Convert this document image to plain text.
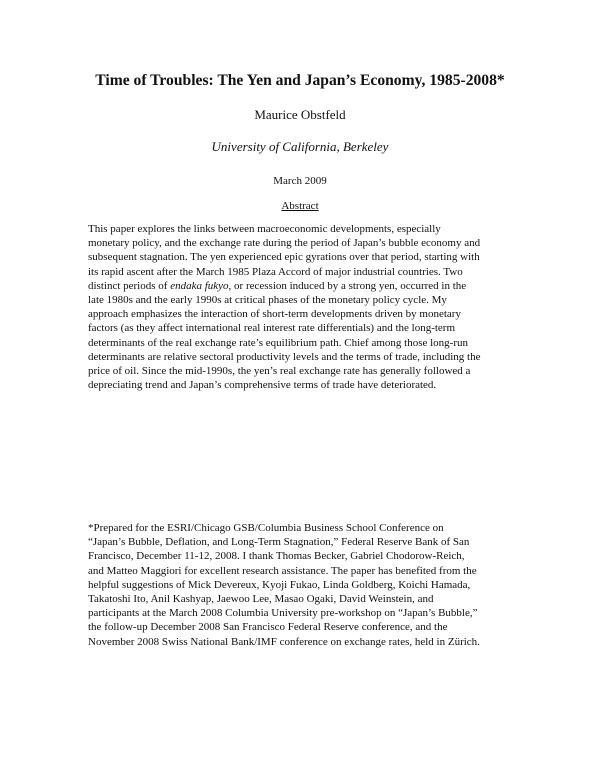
Time of Troubles: The Yen and Japan’s Economy, 1985-2008*
Maurice Obstfeld
University of California, Berkeley
March 2009
Abstract

This paper explores the links between macroeconomic developments, especially
monetary policy, and the exchange rate during the period of Japan’s bubble economy and
subsequent stagnation. The yen experienced epic gyrations over that period, starting with
its rapid ascent after the March 1985 Plaza Accord of major industrial countries. Two
distinct periods of endaka fukyo, or recession induced by a strong yen, occurred in the
late 1980s and the early 1990s at critical phases of the monetary policy cycle. My
approach emphasizes the interaction of short-term developments driven by monetary
factors (as they affect international real interest rate differentials) and the long-term
determinants of the real exchange rate’s equilibrium path. Chief among those long-run
determinants are relative sectoral productivity levels and the terms of trade, including the
price of oil. Since the mid-1990s, the yen’s real exchange rate has generally followed a
depreciating trend and Japan’s comprehensive terms of trade have deteriorated.

*Prepared for the ESRI/Chicago GSB/Columbia Business School Conference on
“Japan’s Bubble, Deflation, and Long-Term Stagnation,” Federal Reserve Bank of San
Francisco, December 11-12, 2008. I thank Thomas Becker, Gabriel Chodorow-Reich,
and Matteo Maggiori for excellent research assistance. The paper has benefited from the
helpful suggestions of Mick Devereux, Kyoji Fukao, Linda Goldberg, Koichi Hamada,
Takatoshi Ito, Anil Kashyap, Jaewoo Lee, Masao Ogaki, David Weinstein, and
participants at the March 2008 Columbia University pre-workshop on “Japan’s Bubble,”
the follow-up December 2008 San Francisco Federal Reserve conference, and the
November 2008 Swiss National Bank/IMF conference on exchange rates, held in Zürich.
